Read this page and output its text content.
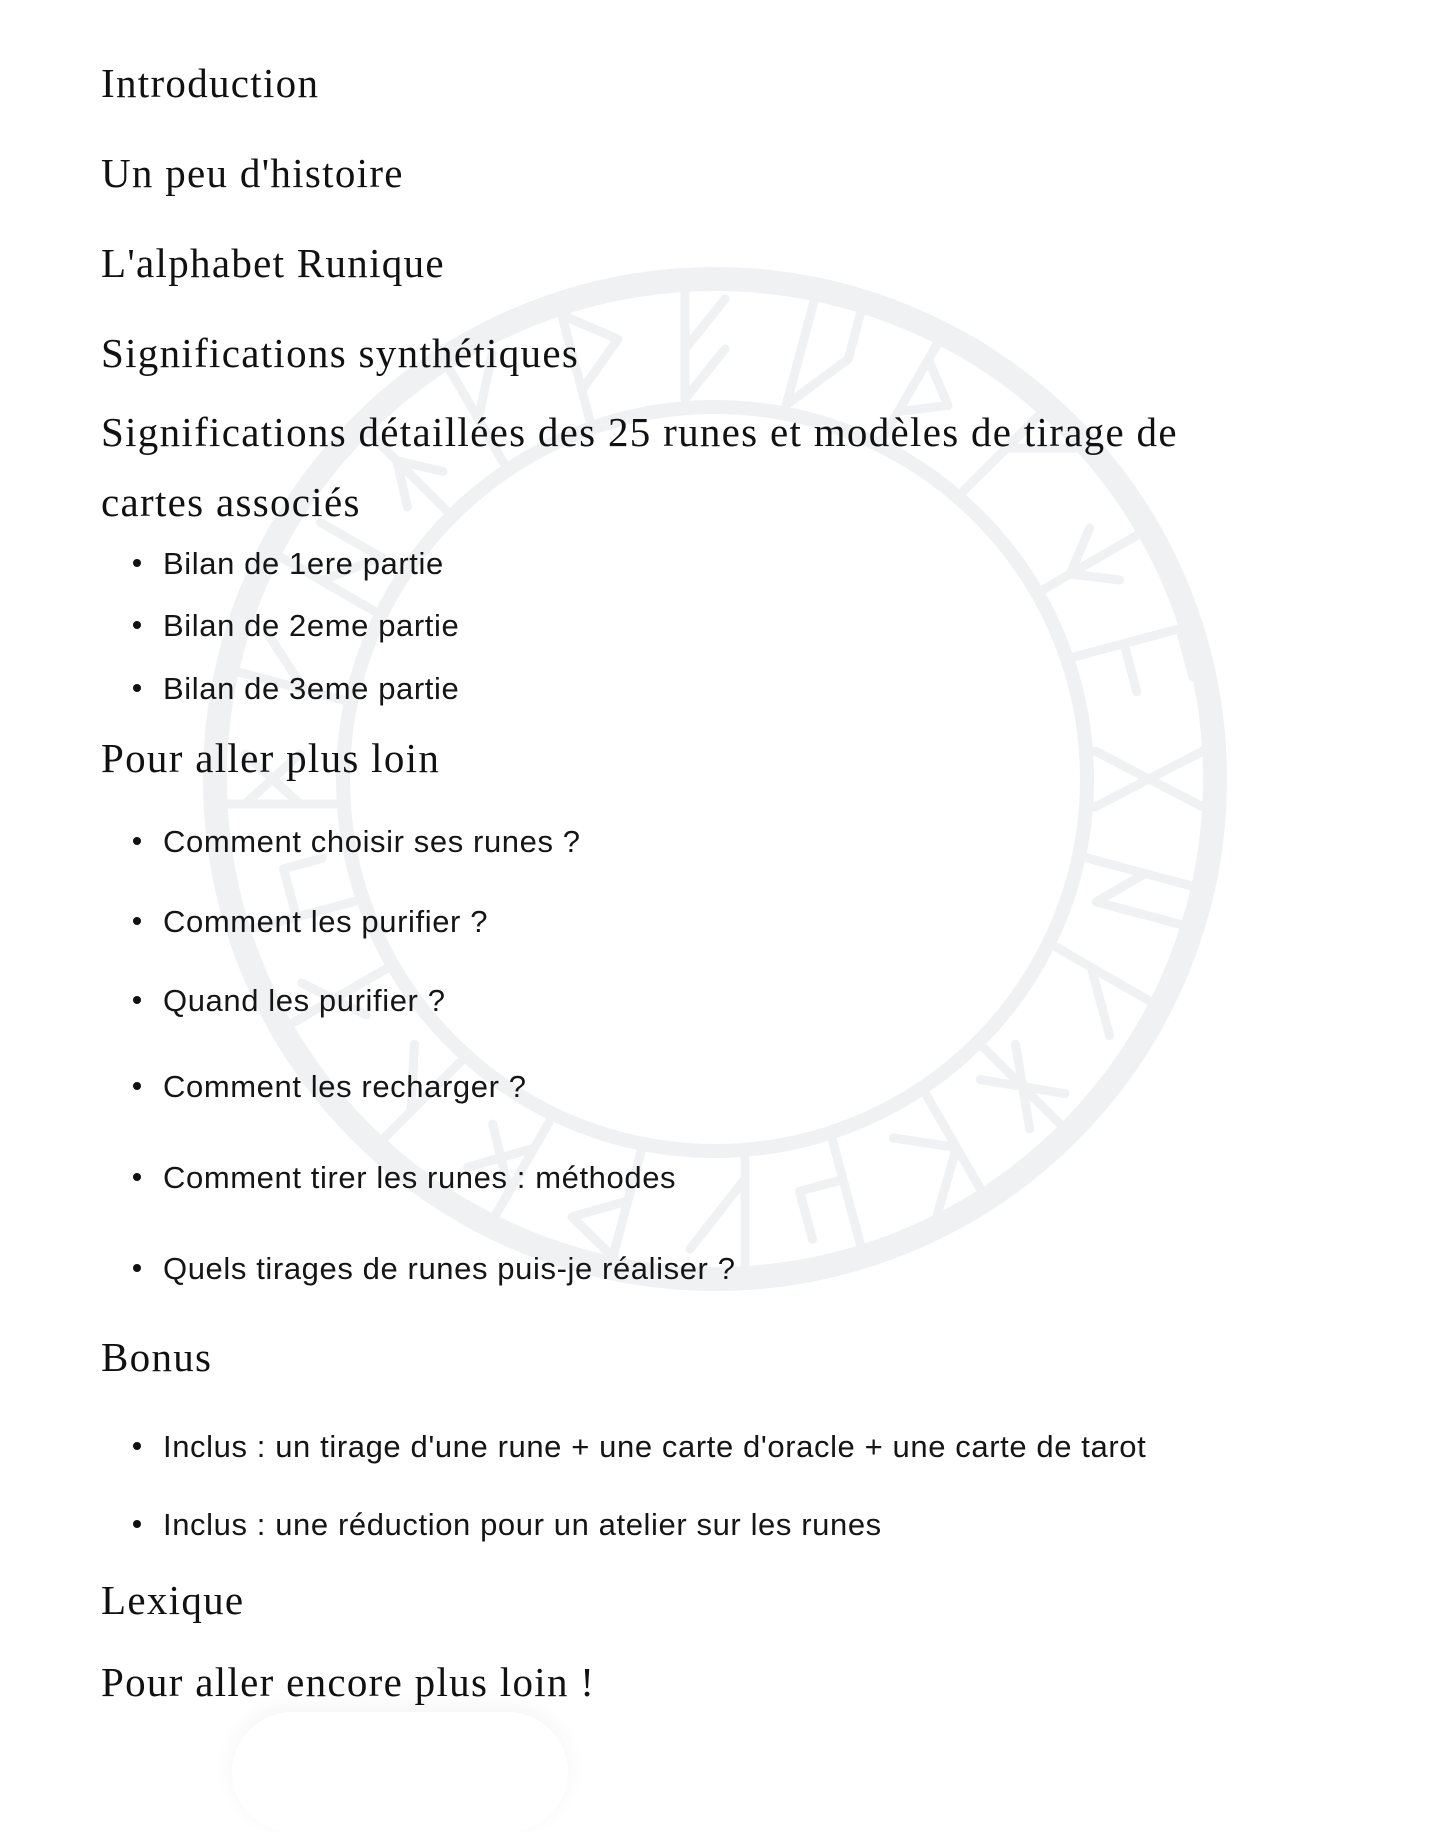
Introduction
Un peu d'histoire
L'alphabet Runique
Significations synthétiques
Significations détaillées des 25 runes et modèles de tirage de
cartes associés
Bilan de 1ere partie
Bilan de 2eme partie
Bilan de 3eme partie
Pour aller plus loin
Comment choisir ses runes ?
Comment les purifier ?
Quand les purifier ?
Comment les recharger ?
Comment tirer les runes : méthodes
Quels tirages de runes puis-je réaliser ?
Bonus
Inclus : un tirage d'une rune + une carte d'oracle + une carte de tarot
Inclus : une réduction pour un atelier sur les runes
Lexique
Pour aller encore plus loin !
